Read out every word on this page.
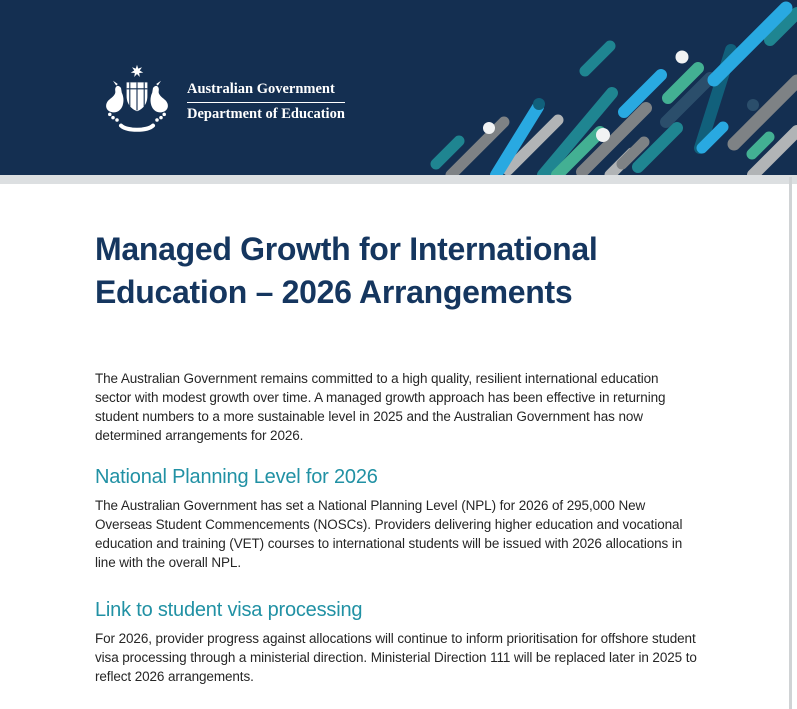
Australian Government
Department of Education
Managed Growth for International Education – 2026 Arrangements

The Australian Government remains committed to a high quality, resilient international education sector with modest growth over time. A managed growth approach has been effective in returning student numbers to a more sustainable level in 2025 and the Australian Government has now determined arrangements for 2026.

National Planning Level for 2026

The Australian Government has set a National Planning Level (NPL) for 2026 of 295,000 New Overseas Student Commencements (NOSCs). Providers delivering higher education and vocational education and training (VET) courses to international students will be issued with 2026 allocations in line with the overall NPL.

Link to student visa processing

For 2026, provider progress against allocations will continue to inform prioritisation for offshore student visa processing through a ministerial direction. Ministerial Direction 111 will be replaced later in 2025 to reflect 2026 arrangements.
